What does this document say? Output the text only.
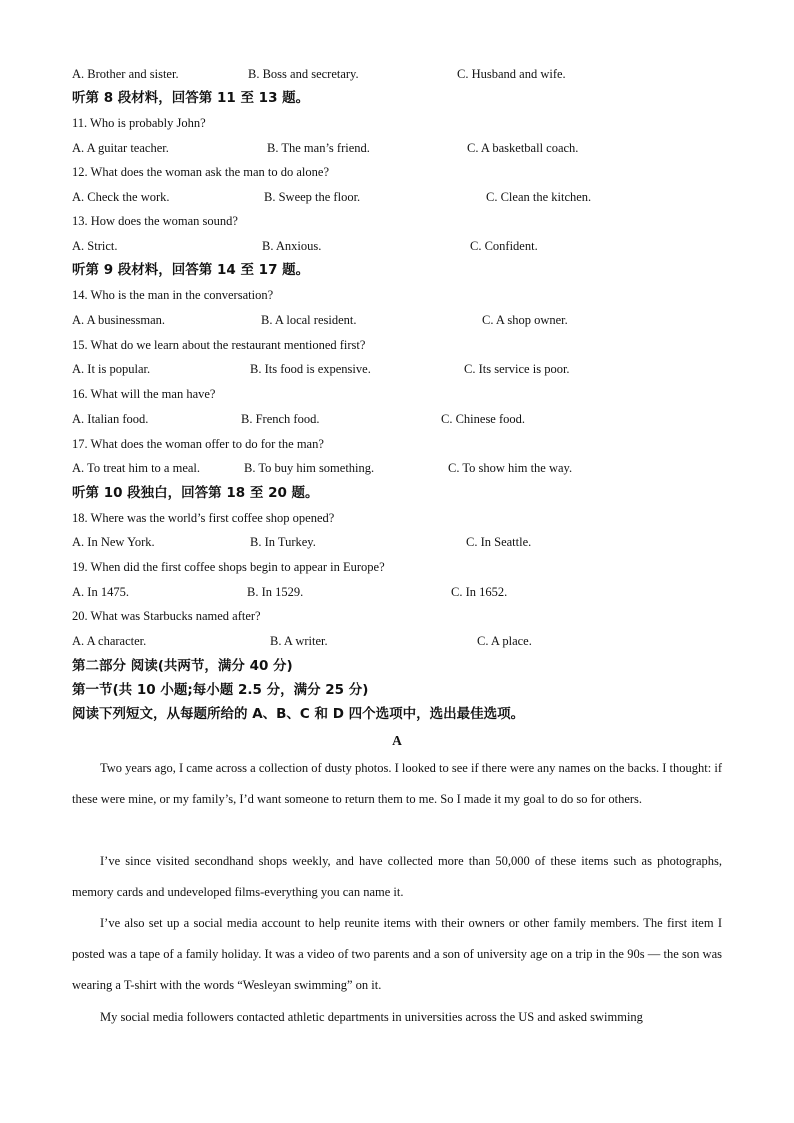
A. Brother and sister.	B. Boss and secretary.	C. Husband and wife.
听第 8 段材料，回答第 11 至 13 题。
11. Who is probably John?
A. A guitar teacher.	B. The man’s friend.	C. A basketball coach.
12. What does the woman ask the man to do alone?
A. Check the work.	B. Sweep the floor.	C. Clean the kitchen.
13. How does the woman sound?
A. Strict.	B. Anxious.	C. Confident.
听第 9 段材料，回答第 14 至 17 题。
14. Who is the man in the conversation?
A. A businessman.	B. A local resident.	C. A shop owner.
15. What do we learn about the restaurant mentioned first?
A. It is popular.	B. Its food is expensive.	C. Its service is poor.
16. What will the man have?
A. Italian food.	B. French food.	C. Chinese food.
17. What does the woman offer to do for the man?
A. To treat him to a meal.	B. To buy him something.	C. To show him the way.
听第 10 段独白，回答第 18 至 20 题。
18. Where was the world’s first coffee shop opened?
A. In New York.	B. In Turkey.	C. In Seattle.
19. When did the first coffee shops begin to appear in Europe?
A. In 1475.	B. In 1529.	C. In 1652.
20. What was Starbucks named after?
A. A character.	B. A writer.	C. A place.
第二部分 阅读(共两节，满分 40 分)
第一节(共 10 小题;每小题 2.5 分，满分 25 分)
阅读下列短文，从每题所给的 A、B、C 和 D 四个选项中，选出最佳选项。
A
Two years ago, I came across a collection of dusty photos. I looked to see if there were any names on the backs. I thought: if these were mine, or my family’s, I’d want someone to return them to me. So I made it my goal to do so for others.
I’ve since visited secondhand shops weekly, and have collected more than 50,000 of these items such as photographs, memory cards and undeveloped films-everything you can name it.
I’ve also set up a social media account to help reunite items with their owners or other family members. The first item I posted was a tape of a family holiday. It was a video of two parents and a son of university age on a trip in the 90s — the son was wearing a T-shirt with the words “Wesleyan swimming” on it.
My social media followers contacted athletic departments in universities across the US and asked swimming
